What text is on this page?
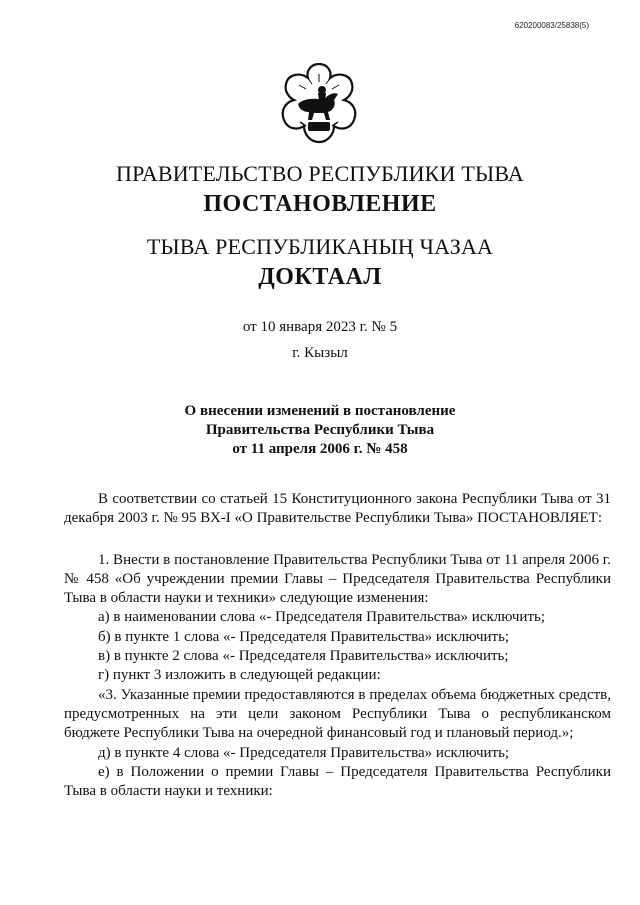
620200083/25838(5)
ПРАВИТЕЛЬСТВО РЕСПУБЛИКИ ТЫВА
ПОСТАНОВЛЕНИЕ
ТЫВА РЕСПУБЛИКАНЫҢ ЧАЗАА
ДОКТААЛ
от 10 января 2023 г. № 5
г. Кызыл
О внесении изменений в постановление
Правительства Республики Тыва
от 11 апреля 2006 г. № 458

В соответствии со статьей 15 Конституционного закона Республики Тыва от 31 декабря 2003 г. № 95 ВХ-I «О Правительстве Республики Тыва» ПОСТАНОВЛЯЕТ:

1. Внести в постановление Правительства Республики Тыва от 11 апреля 2006 г. № 458 «Об учреждении премии Главы – Председателя Правительства Республики Тыва в области науки и техники» следующие изменения:

а) в наименовании слова «- Председателя Правительства» исключить;

б) в пункте 1 слова «- Председателя Правительства» исключить;

в) в пункте 2 слова «- Председателя Правительства» исключить;

г) пункт 3 изложить в следующей редакции:

«3. Указанные премии предоставляются в пределах объема бюджетных средств, предусмотренных на эти цели законом Республики Тыва о республиканском бюджете Республики Тыва на очередной финансовый год и плановый период.»;

д) в пункте 4 слова «- Председателя Правительства» исключить;

е) в Положении о премии Главы – Председателя Правительства Республики Тыва в области науки и техники:
